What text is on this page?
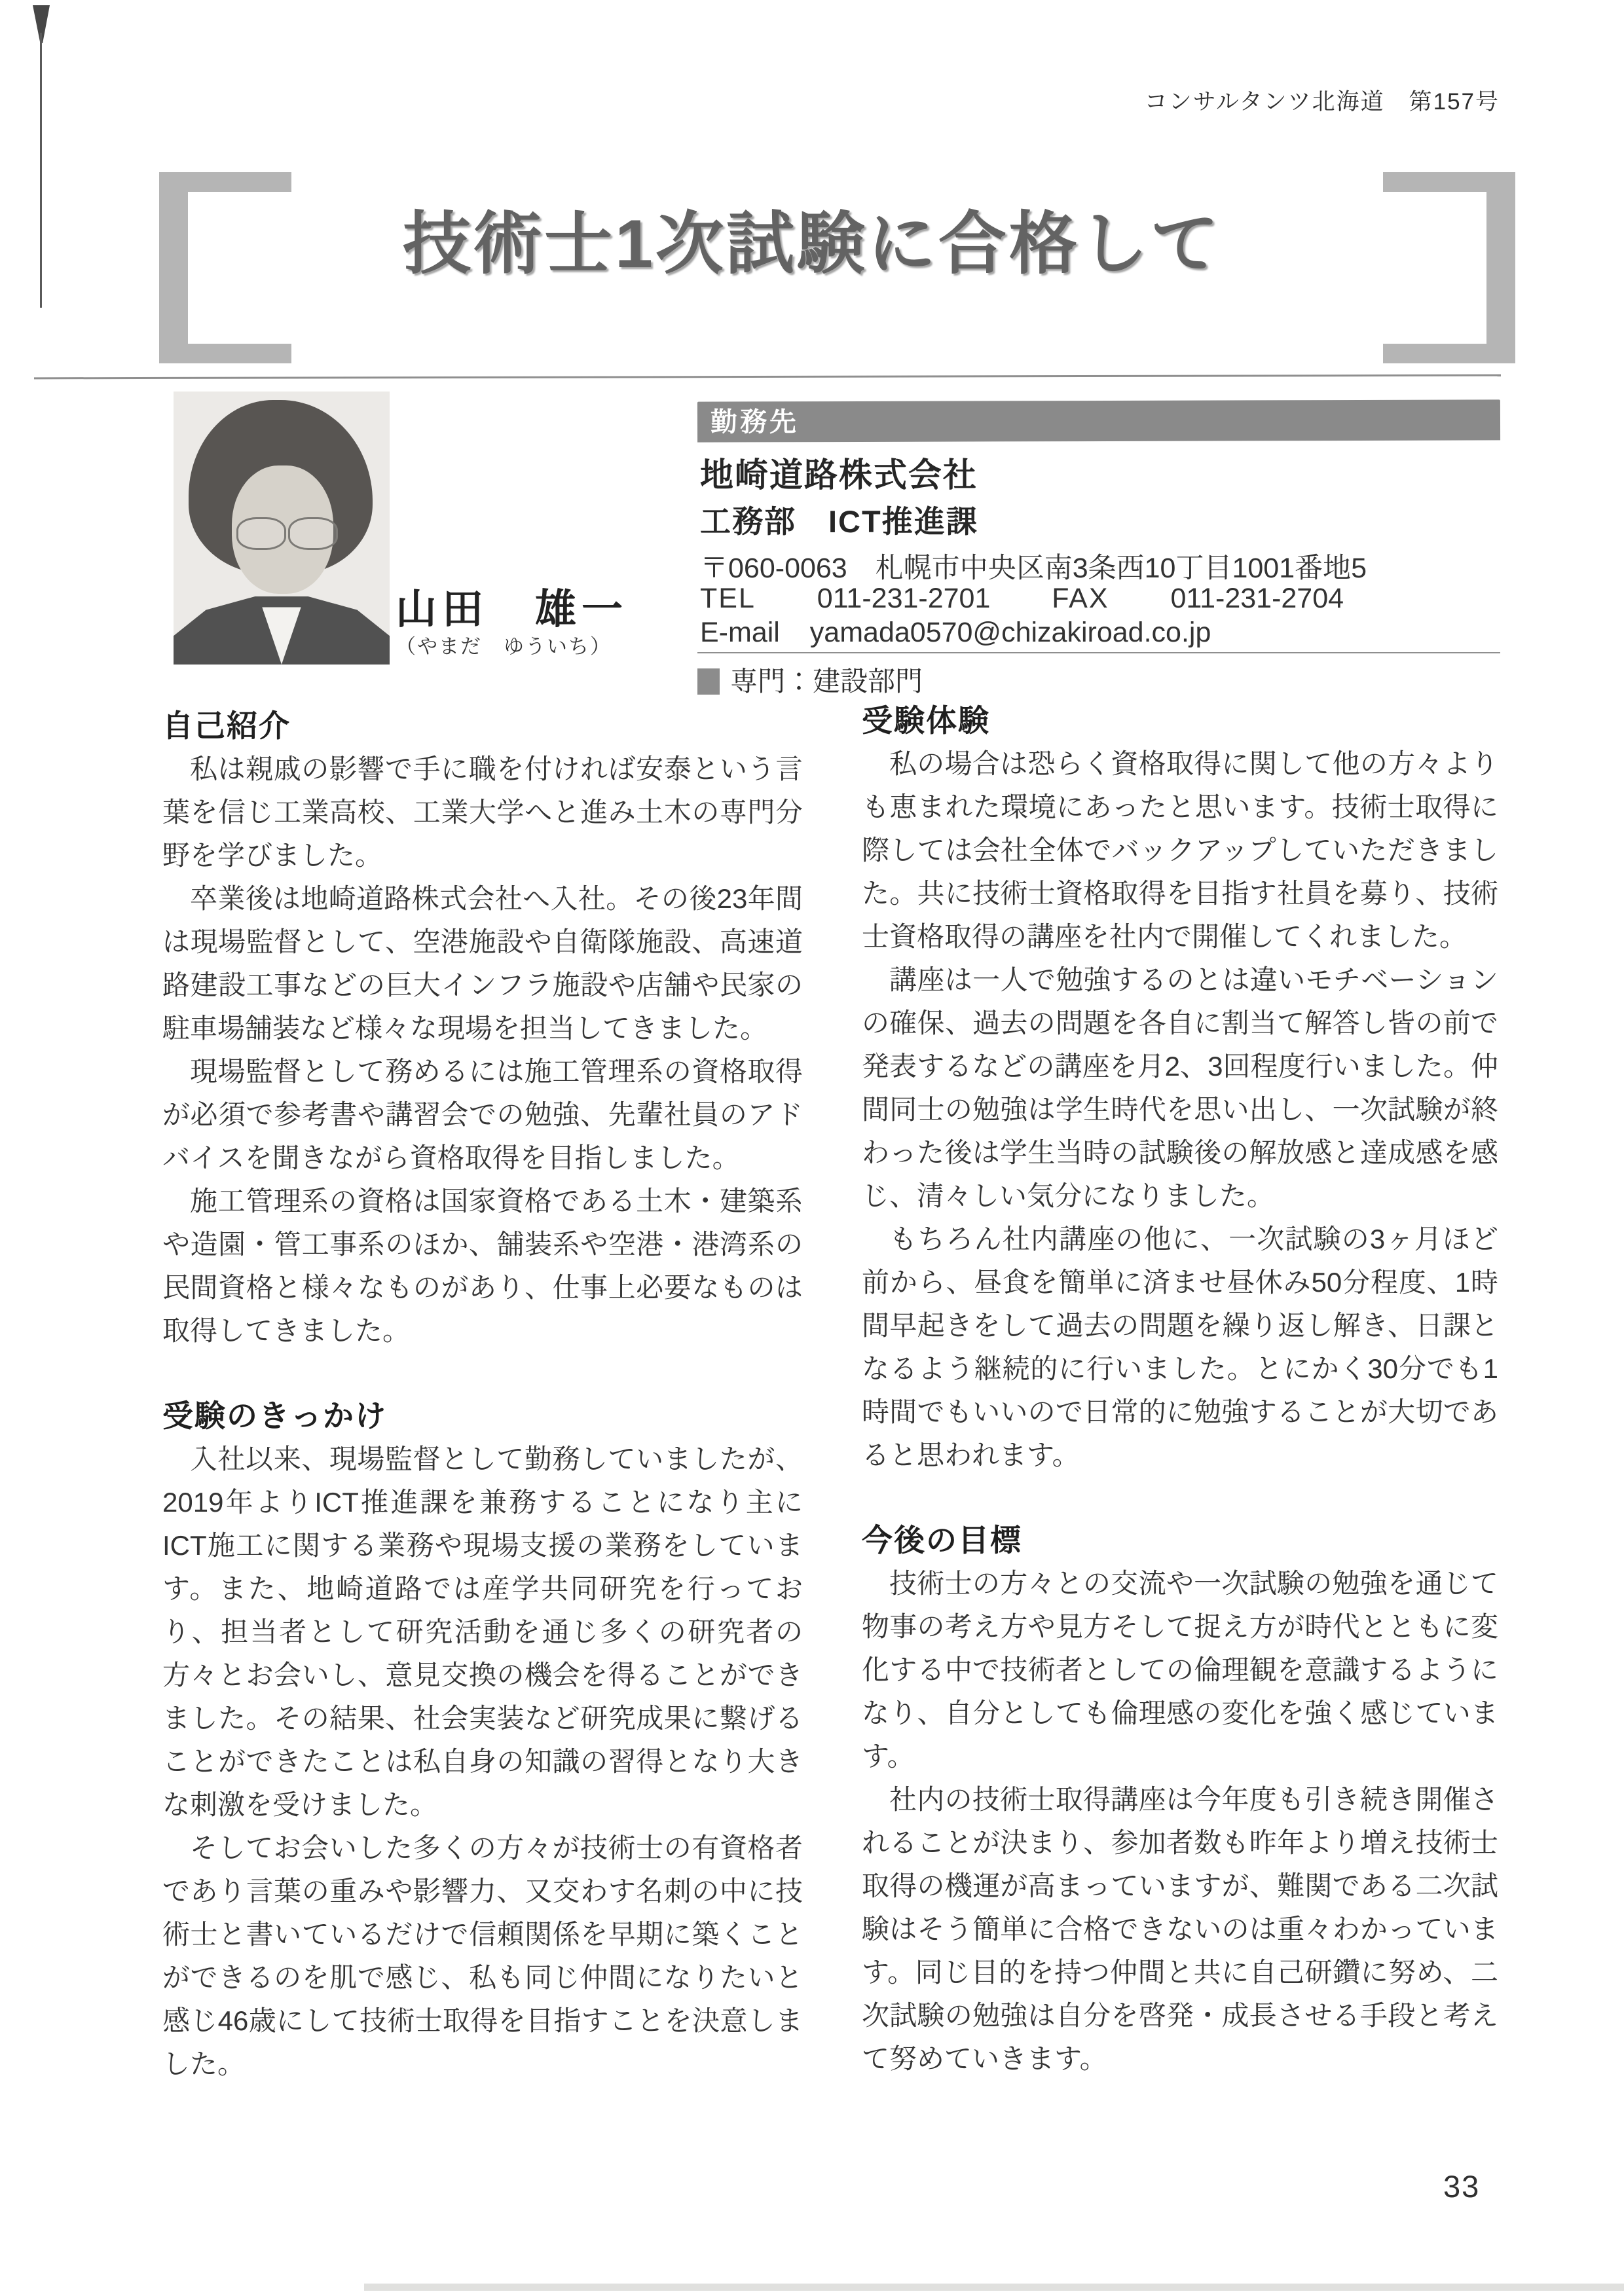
コンサルタンツ北海道　第157号
技術士1次試験に合格して
山田　雄一
（やまだ　ゆういち）
勤務先
地崎道路株式会社
工務部　ICT推進課
〒060-0063　札幌市中央区南3条西10丁目1001番地5
TEL 011-231-2701 FAX 011-231-2704
E-mail yamada0570@chizakiroad.co.jp
専門：建設部門
自己紹介

私は親戚の影響で手に職を付ければ安泰という言葉を信じ工業高校、工業大学へと進み土木の専門分野を学びました。

卒業後は地崎道路株式会社へ入社。その後23年間は現場監督として、空港施設や自衛隊施設、高速道路建設工事などの巨大インフラ施設や店舗や民家の駐車場舗装など様々な現場を担当してきました。

現場監督として務めるには施工管理系の資格取得が必須で参考書や講習会での勉強、先輩社員のアドバイスを聞きながら資格取得を目指しました。

施工管理系の資格は国家資格である土木・建築系や造園・管工事系のほか、舗装系や空港・港湾系の民間資格と様々なものがあり、仕事上必要なものは取得してきました。

受験のきっかけ

入社以来、現場監督として勤務していましたが、2019年よりICT推進課を兼務することになり主にICT施工に関する業務や現場支援の業務をしています。また、地崎道路では産学共同研究を行っており、担当者として研究活動を通じ多くの研究者の方々とお会いし、意見交換の機会を得ることができました。その結果、社会実装など研究成果に繋げることができたことは私自身の知識の習得となり大きな刺激を受けました。

そしてお会いした多くの方々が技術士の有資格者であり言葉の重みや影響力、又交わす名刺の中に技術士と書いているだけで信頼関係を早期に築くことができるのを肌で感じ、私も同じ仲間になりたいと感じ46歳にして技術士取得を目指すことを決意しました。

受験体験

私の場合は恐らく資格取得に関して他の方々よりも恵まれた環境にあったと思います。技術士取得に際しては会社全体でバックアップしていただきました。共に技術士資格取得を目指す社員を募り、技術士資格取得の講座を社内で開催してくれました。

講座は一人で勉強するのとは違いモチベーションの確保、過去の問題を各自に割当て解答し皆の前で発表するなどの講座を月2、3回程度行いました。仲間同士の勉強は学生時代を思い出し、一次試験が終わった後は学生当時の試験後の解放感と達成感を感じ、清々しい気分になりました。

もちろん社内講座の他に、一次試験の3ヶ月ほど前から、昼食を簡単に済ませ昼休み50分程度、1時間早起きをして過去の問題を繰り返し解き、日課となるよう継続的に行いました。とにかく30分でも1時間でもいいので日常的に勉強することが大切であると思われます。

今後の目標

技術士の方々との交流や一次試験の勉強を通じて物事の考え方や見方そして捉え方が時代とともに変化する中で技術者としての倫理観を意識するようになり、自分としても倫理感の変化を強く感じています。

社内の技術士取得講座は今年度も引き続き開催されることが決まり、参加者数も昨年より増え技術士取得の機運が高まっていますが、難関である二次試験はそう簡単に合格できないのは重々わかっています。同じ目的を持つ仲間と共に自己研鑽に努め、二次試験の勉強は自分を啓発・成長させる手段と考えて努めていきます。

33
